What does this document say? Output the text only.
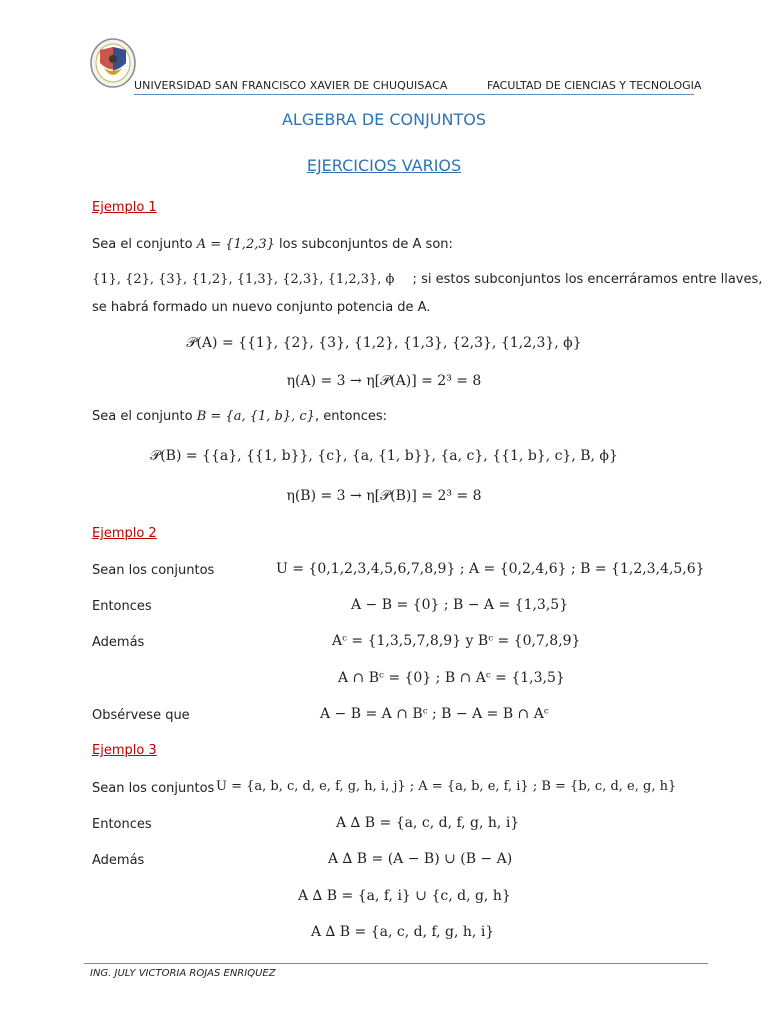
UNIVERSIDAD SAN FRANCISCO XAVIER DE CHUQUISACA	FACULTAD DE CIENCIAS Y TECNOLOGIA
ALGEBRA DE CONJUNTOS
EJERCICIOS VARIOS
Ejemplo 1
Sea el conjunto A = {1,2,3} los subconjuntos de A son:
{1}, {2}, {3}, {1,2}, {1,3}, {2,3}, {1,2,3}, ϕ ; si estos subconjuntos los encerráramos entre llaves,
se habrá formado un nuevo conjunto potencia de A.
𝒫(A) = {{1}, {2}, {3}, {1,2}, {1,3}, {2,3}, {1,2,3}, ϕ}
η(A) = 3 → η[𝒫(A)] = 2³ = 8
Sea el conjunto B = {a, {1, b}, c}, entonces:
𝒫(B) = {{a}, {{1, b}}, {c}, {a, {1, b}}, {a, c}, {{1, b}, c}, B, ϕ}
η(B) = 3 → η[𝒫(B)] = 2³ = 8
Ejemplo 2
Sean los conjuntos	U = {0,1,2,3,4,5,6,7,8,9} ; A = {0,2,4,6} ; B = {1,2,3,4,5,6}
Entonces	A − B = {0} ; B − A = {1,3,5}
Además	Aᶜ = {1,3,5,7,8,9} y Bᶜ = {0,7,8,9}
A ∩ Bᶜ = {0} ; B ∩ Aᶜ = {1,3,5}
Obsérvese que	A − B = A ∩ Bᶜ ; B − A = B ∩ Aᶜ
Ejemplo 3
Sean los conjuntos U = {a, b, c, d, e, f, g, h, i, j} ; A = {a, b, e, f, i} ; B = {b, c, d, e, g, h}
Entonces	A ∆ B = {a, c, d, f, g, h, i}
Además	A ∆ B = (A − B) ∪ (B − A)
A ∆ B = {a, f, i} ∪ {c, d, g, h}
A ∆ B = {a, c, d, f, g, h, i}
ING. JULY VICTORIA ROJAS ENRIQUEZ
